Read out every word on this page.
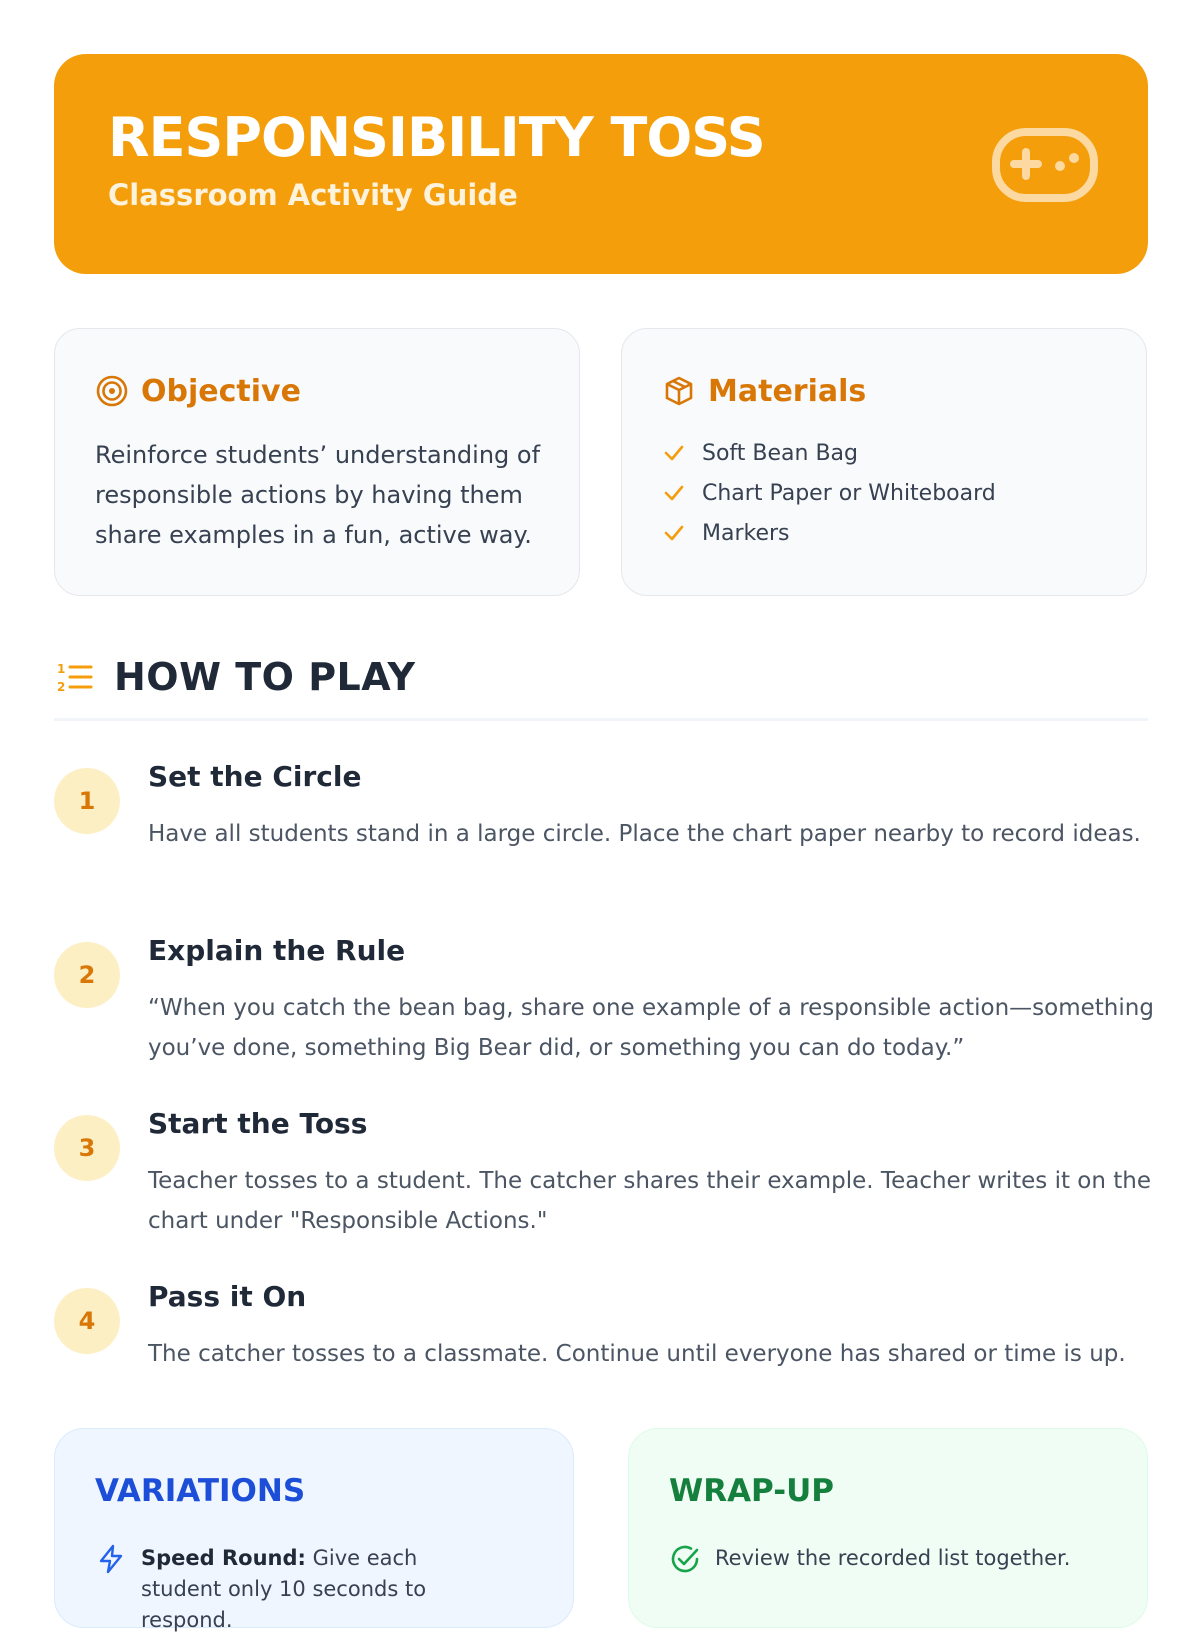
RESPONSIBILITY TOSS
Classroom Activity Guide
Objective
Reinforce students’ understanding of responsible actions by having them share examples in a fun, active way.
Materials
Soft Bean Bag
Chart Paper or Whiteboard
Markers
1
2 HOW TO PLAY
1
Set the Circle
Have all students stand in a large circle. Place the chart paper nearby to record ideas.
2
Explain the Rule
“When you catch the bean bag, share one example of a responsible action—something you’ve done, something Big Bear did, or something you can do today.”
3
Start the Toss
Teacher tosses to a student. The catcher shares their example. Teacher writes it on the chart under "Responsible Actions."
4
Pass it On
The catcher tosses to a classmate. Continue until everyone has shared or time is up.
VARIATIONS
Speed Round: Give each student only 10 seconds to respond.
WRAP-UP
Review the recorded list together.
